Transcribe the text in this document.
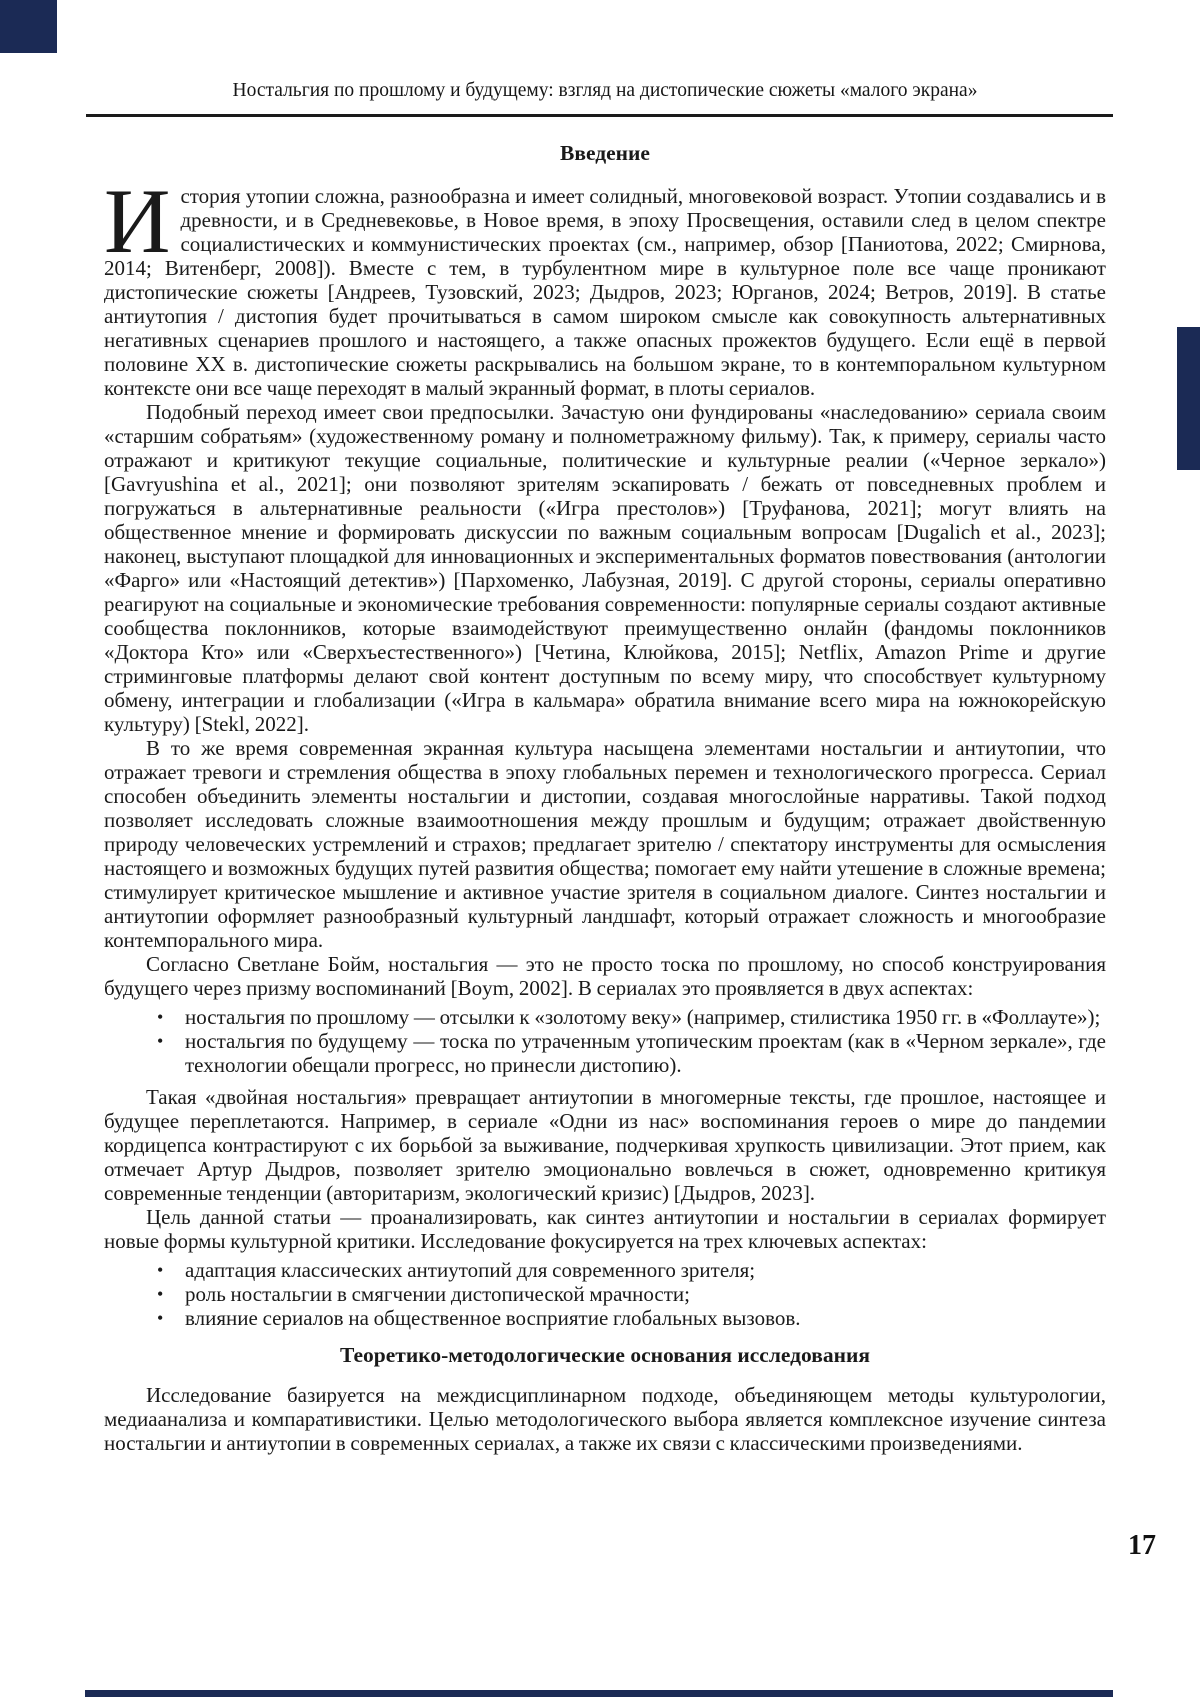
Ностальгия по прошлому и будущему: взгляд на дистопические сюжеты «малого экрана»
Введение

История утопии сложна, разнообразна и имеет солидный, многовековой возраст. Утопии создавались и в древности, и в Средневековье, в Новое время, в эпоху Просвещения, оставили след в целом спектре социалистических и коммунистических проектах (см., например, обзор [Паниотова, 2022; Смирнова, 2014; Витенберг, 2008]). Вместе с тем, в турбулентном мире в культурное поле все чаще проникают дистопические сюжеты [Андреев, Тузовский, 2023; Дыдров, 2023; Юрганов, 2024; Ветров, 2019]. В статье антиутопия / дистопия будет прочитываться в самом широком смысле как совокупность альтернативных негативных сценариев прошлого и настоящего, а также опасных прожектов будущего. Если ещё в первой половине XX в. дистопические сюжеты раскрывались на большом экране, то в контемпоральном культурном контексте они все чаще переходят в малый экранный формат, в плоты сериалов.

Подобный переход имеет свои предпосылки. Зачастую они фундированы «наследованию» сериала своим «старшим собратьям» (художественному роману и полнометражному фильму). Так, к примеру, сериалы часто отражают и критикуют текущие социальные, политические и культурные реалии («Черное зеркало») [Gavryushina et al., 2021]; они позволяют зрителям эскапировать / бежать от повседневных проблем и погружаться в альтернативные реальности («Игра престолов») [Труфанова, 2021]; могут влиять на общественное мнение и формировать дискуссии по важным социальным вопросам [Dugalich et al., 2023]; наконец, выступают площадкой для инновационных и экспериментальных форматов повествования (антологии «Фарго» или «Настоящий детектив») [Пархоменко, Лабузная, 2019]. С другой стороны, сериалы оперативно реагируют на социальные и экономические требования современности: популярные сериалы создают активные сообщества поклонников, которые взаимодействуют преимущественно онлайн (фандомы поклонников «Доктора Кто» или «Сверхъестественного») [Четина, Клюйкова, 2015]; Netflix, Amazon Prime и другие стриминговые платформы делают свой контент доступным по всему миру, что способствует культурному обмену, интеграции и глобализации («Игра в кальмара» обратила внимание всего мира на южнокорейскую культуру) [Stekl, 2022].

В то же время современная экранная культура насыщена элементами ностальгии и антиутопии, что отражает тревоги и стремления общества в эпоху глобальных перемен и технологического прогресса. Сериал способен объединить элементы ностальгии и дистопии, создавая многослойные нарративы. Такой подход позволяет исследовать сложные взаимоотношения между прошлым и будущим; отражает двойственную природу человеческих устремлений и страхов; предлагает зрителю / спектатору инструменты для осмысления настоящего и возможных будущих путей развития общества; помогает ему найти утешение в сложные времена; стимулирует критическое мышление и активное участие зрителя в социальном диалоге. Синтез ностальгии и антиутопии оформляет разнообразный культурный ландшафт, который отражает сложность и многообразие контемпорального мира.

Согласно Светлане Бойм, ностальгия — это не просто тоска по прошлому, но способ конструирования будущего через призму воспоминаний [Boym, 2002]. В сериалах это проявляется в двух аспектах:

• ностальгия по прошлому — отсылки к «золотому веку» (например, стилистика 1950 гг. в «Фоллауте»);
• ностальгия по будущему — тоска по утраченным утопическим проектам (как в «Черном зеркале», где технологии обещали прогресс, но принесли дистопию).

Такая «двойная ностальгия» превращает антиутопии в многомерные тексты, где прошлое, настоящее и будущее переплетаются. Например, в сериале «Одни из нас» воспоминания героев о мире до пандемии кордицепса контрастируют с их борьбой за выживание, подчеркивая хрупкость цивилизации. Этот прием, как отмечает Артур Дыдров, позволяет зрителю эмоционально вовлечься в сюжет, одновременно критикуя современные тенденции (авторитаризм, экологический кризис) [Дыдров, 2023].

Цель данной статьи — проанализировать, как синтез антиутопии и ностальгии в сериалах формирует новые формы культурной критики. Исследование фокусируется на трех ключевых аспектах:

• адаптация классических антиутопий для современного зрителя;
• роль ностальгии в смягчении дистопической мрачности;
• влияние сериалов на общественное восприятие глобальных вызовов.
Теоретико-методологические основания исследования

Исследование базируется на междисциплинарном подходе, объединяющем методы культурологии, медиаанализа и компаративистики. Целью методологического выбора является комплексное изучение синтеза ностальгии и антиутопии в современных сериалах, а также их связи с классическими произведениями.

17
